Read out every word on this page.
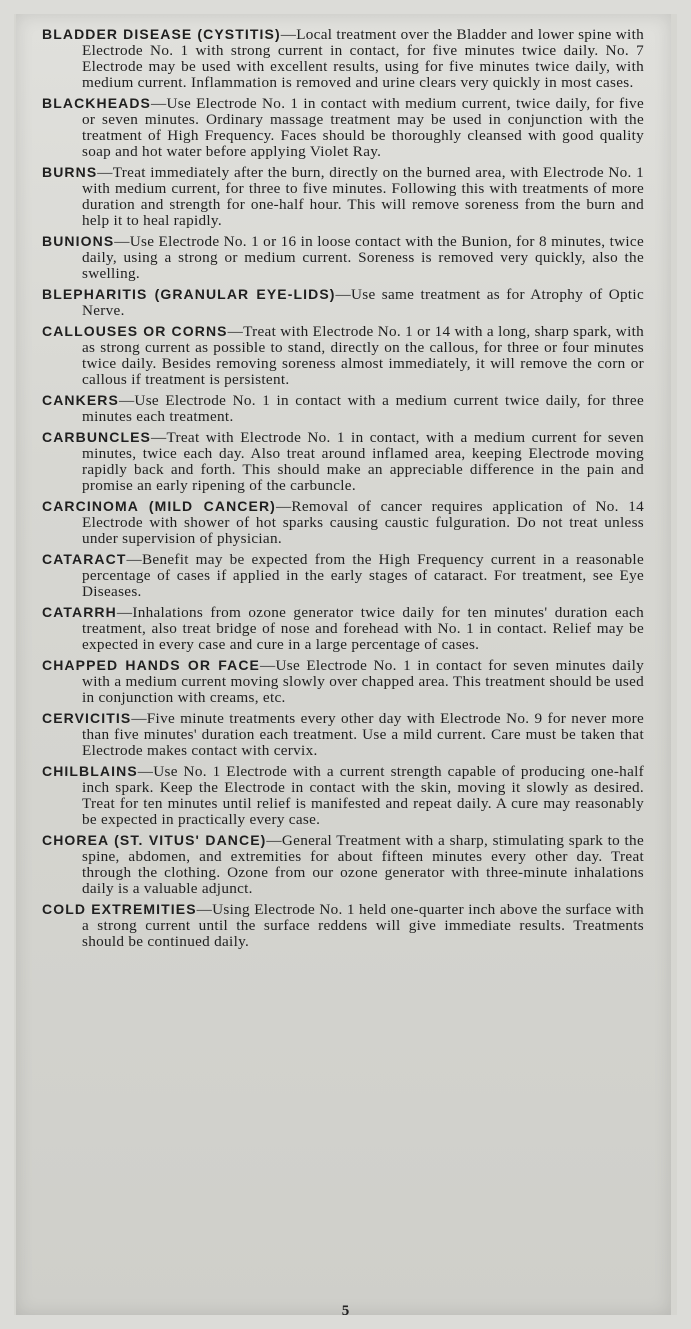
BLADDER DISEASE (CYSTITIS)—Local treatment over the Bladder and lower spine with Electrode No. 1 with strong current in contact, for five minutes twice daily. No. 7 Electrode may be used with excellent results, using for five minutes twice daily, with medium current. Inflammation is removed and urine clears very quickly in most cases.
BLACKHEADS—Use Electrode No. 1 in contact with medium current, twice daily, for five or seven minutes. Ordinary massage treatment may be used in conjunction with the treatment of High Frequency. Faces should be thoroughly cleansed with good quality soap and hot water before applying Violet Ray.
BURNS—Treat immediately after the burn, directly on the burned area, with Electrode No. 1 with medium current, for three to five minutes. Following this with treatments of more duration and strength for one-half hour. This will remove soreness from the burn and help it to heal rapidly.
BUNIONS—Use Electrode No. 1 or 16 in loose contact with the Bunion, for 8 minutes, twice daily, using a strong or medium current. Soreness is removed very quickly, also the swelling.
BLEPHARITIS (GRANULAR EYE-LIDS)—Use same treatment as for Atrophy of Optic Nerve.
CALLOUSES OR CORNS—Treat with Electrode No. 1 or 14 with a long, sharp spark, with as strong current as possible to stand, directly on the callous, for three or four minutes twice daily. Besides removing soreness almost immediately, it will remove the corn or callous if treatment is persistent.
CANKERS—Use Electrode No. 1 in contact with a medium current twice daily, for three minutes each treatment.
CARBUNCLES—Treat with Electrode No. 1 in contact, with a medium current for seven minutes, twice each day. Also treat around inflamed area, keeping Electrode moving rapidly back and forth. This should make an appreciable difference in the pain and promise an early ripening of the carbuncle.
CARCINOMA (MILD CANCER)—Removal of cancer requires application of No. 14 Electrode with shower of hot sparks causing caustic fulguration. Do not treat unless under supervision of physician.
CATARACT—Benefit may be expected from the High Frequency current in a reasonable percentage of cases if applied in the early stages of cataract. For treatment, see Eye Diseases.
CATARRH—Inhalations from ozone generator twice daily for ten minutes' duration each treatment, also treat bridge of nose and forehead with No. 1 in contact. Relief may be expected in every case and cure in a large percentage of cases.
CHAPPED HANDS OR FACE—Use Electrode No. 1 in contact for seven minutes daily with a medium current moving slowly over chapped area. This treatment should be used in conjunction with creams, etc.
CERVICITIS—Five minute treatments every other day with Electrode No. 9 for never more than five minutes' duration each treatment. Use a mild current. Care must be taken that Electrode makes contact with cervix.
CHILBLAINS—Use No. 1 Electrode with a current strength capable of producing one-half inch spark. Keep the Electrode in contact with the skin, moving it slowly as desired. Treat for ten minutes until relief is manifested and repeat daily. A cure may reasonably be expected in practically every case.
CHOREA (ST. VITUS' DANCE)—General Treatment with a sharp, stimulating spark to the spine, abdomen, and extremities for about fifteen minutes every other day. Treat through the clothing. Ozone from our ozone generator with three-minute inhalations daily is a valuable adjunct.
COLD EXTREMITIES—Using Electrode No. 1 held one-quarter inch above the surface with a strong current until the surface reddens will give immediate results. Treatments should be continued daily.
5
